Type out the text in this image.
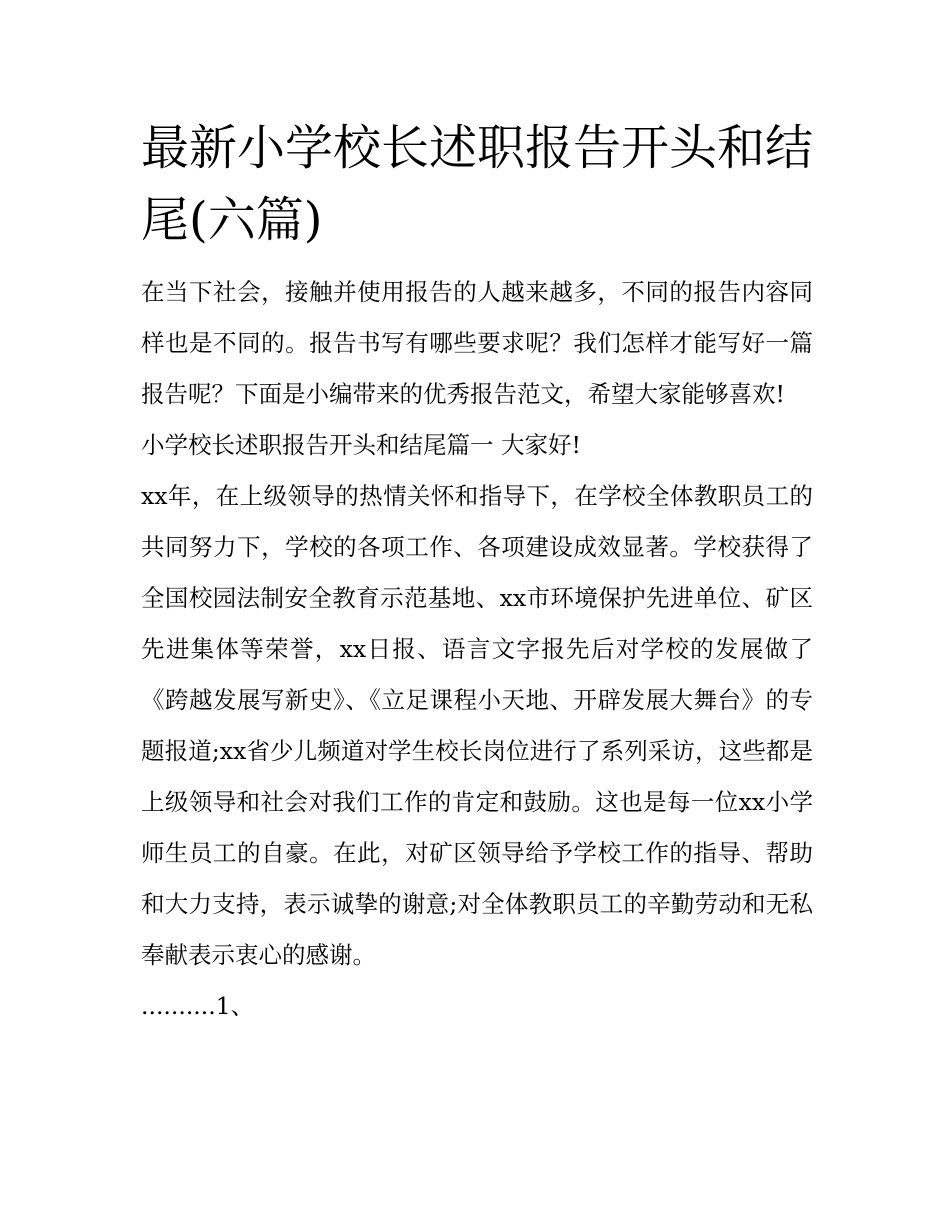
最新小学校长述职报告开头和结尾(六篇)

在当下社会，接触并使用报告的人越来越多，不同的报告内容同样也是不同的。报告书写有哪些要求呢？我们怎样才能写好一篇报告呢？下面是小编带来的优秀报告范文，希望大家能够喜欢!

小学校长述职报告开头和结尾篇一 大家好!

xx年，在上级领导的热情关怀和指导下，在学校全体教职员工的共同努力下，学校的各项工作、各项建设成效显著。学校获得了全国校园法制安全教育示范基地、xx市环境保护先进单位、矿区先进集体等荣誉，xx日报、语言文字报先后对学校的发展做了《跨越发展写新史》、《立足课程小天地、开辟发展大舞台》的专题报道;xx省少儿频道对学生校长岗位进行了系列采访，这些都是上级领导和社会对我们工作的肯定和鼓励。这也是每一位xx小学师生员工的自豪。在此，对矿区领导给予学校工作的指导、帮助和大力支持，表示诚挚的谢意;对全体教职员工的辛勤劳动和无私奉献表示衷心的感谢。

..........1、
